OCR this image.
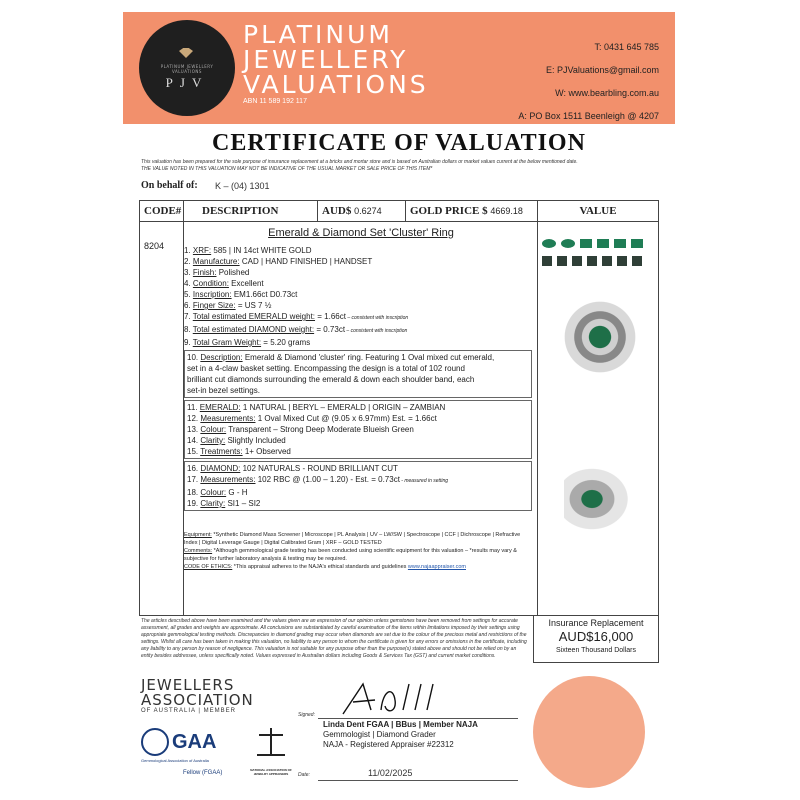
PLATINUM JEWELLERY VALUATIONS
PJV
PLATINUM
JEWELLERY
VALUATIONS
ABN 11 589 192 117
T: 0431 645 785
E: PJValuations@gmail.com
W: www.bearbling.com.au
A: PO Box 1511 Beenleigh @ 4207
CERTIFICATE OF VALUATION
This valuation has been prepared for the sole purpose of insurance replacement at a bricks and mortar store and is based on Australian dollars or market values current at the below mentioned date.
THE VALUE NOTED IN THIS VALUATION MAY NOT BE INDICATIVE OF THE USUAL MARKET OR SALE PRICE OF THIS ITEM*
On behalf of: K – (04) 1301
CODE#	DESCRIPTION	AUD$ 0.6274	GOLD PRICE $ 4669.18	VALUE
8204
Emerald & Diamond Set 'Cluster' Ring
1. XRF: 585 | IN 14ct WHITE GOLD
2. Manufacture: CAD | HAND FINISHED | HANDSET
3. Finish: Polished
4. Condition: Excellent
5. Inscription: EM1.66ct D0.73ct
6. Finger Size: = US 7 ½
7. Total estimated EMERALD weight: = 1.66ct – consistent with inscription
8. Total estimated DIAMOND weight: = 0.73ct – consistent with inscription
9. Total Gram Weight: = 5.20 grams
10. Description: Emerald & Diamond 'cluster' ring. Featuring 1 Oval mixed cut emerald,
set in a 4-claw basket setting. Encompassing the design is a total of 102 round
brilliant cut diamonds surrounding the emerald & down each shoulder band, each
set-in bezel settings.
11. EMERALD: 1 NATURAL | BERYL – EMERALD | ORIGIN – ZAMBIAN
12. Measurements: 1 Oval Mixed Cut @ (9.05 x 6.97mm) Est. = 1.66ct
13. Colour: Transparent – Strong Deep Moderate Blueish Green
14. Clarity: Slightly Included
15. Treatments: 1+ Observed
16. DIAMOND: 102 NATURALS - ROUND BRILLIANT CUT
17. Measurements: 102 RBC @ (1.00 – 1.20) - Est. = 0.73ct - measured in setting
18. Colour: G - H
19. Clarity: SI1 – SI2
Equipment: *Synthetic Diamond Mass Screener | Microscope | PL Analysis | UV – LW/SW | Spectroscope | CCF | Dichroscope | Refractive Index | Digital Leverage Gauge | Digital Calibrated Gram | XRF – GOLD TESTED
Comments: *Although gemmological grade testing has been conducted using scientific equipment for this valuation – *results may vary & subjective for further laboratory analysis & testing may be required.
CODE OF ETHICS: *This appraisal adheres to the NAJA's ethical standards and guidelines www.najaappraiser.com
The articles described above have been examined and the values given are an expression of our opinion unless gemstones have been removed from settings for accurate assessment, all grades and weights are approximate. All conclusions are substantiated by careful examination of the items within limitations imposed by their settings using appropriate gemmological testing methods. Discrepancies in diamond grading may occur when diamonds are set due to the colour of the precious metal and restrictions of the settings. Whilst all care has been taken in making this valuation, no liability to any person to whom the certificate is given for any errors or omissions in the certificate, including any liability to any person by reason of negligence. This valuation is not suitable for any purpose other than the purpose(s) stated above and should not be relied on by an entity besides addressee, unless specifically noted. Values expressed in Australian dollars including Goods & Services Tax (GST) and current market conditions.
Insurance Replacement
AUD$16,000
Sixteen Thousand Dollars
JEWELLERS
ASSOCIATION
OF AUSTRALIA | MEMBER
GAA
Gemmological Association of Australia
Fellow (FGAA)	NATIONAL ASSOCIATION OF JEWELRY APPRAISERS
Signed:
Linda Dent FGAA | BBus | Member NAJA
Gemmologist | Diamond Grader
NAJA - Registered Appraiser #22312
Date:	11/02/2025
